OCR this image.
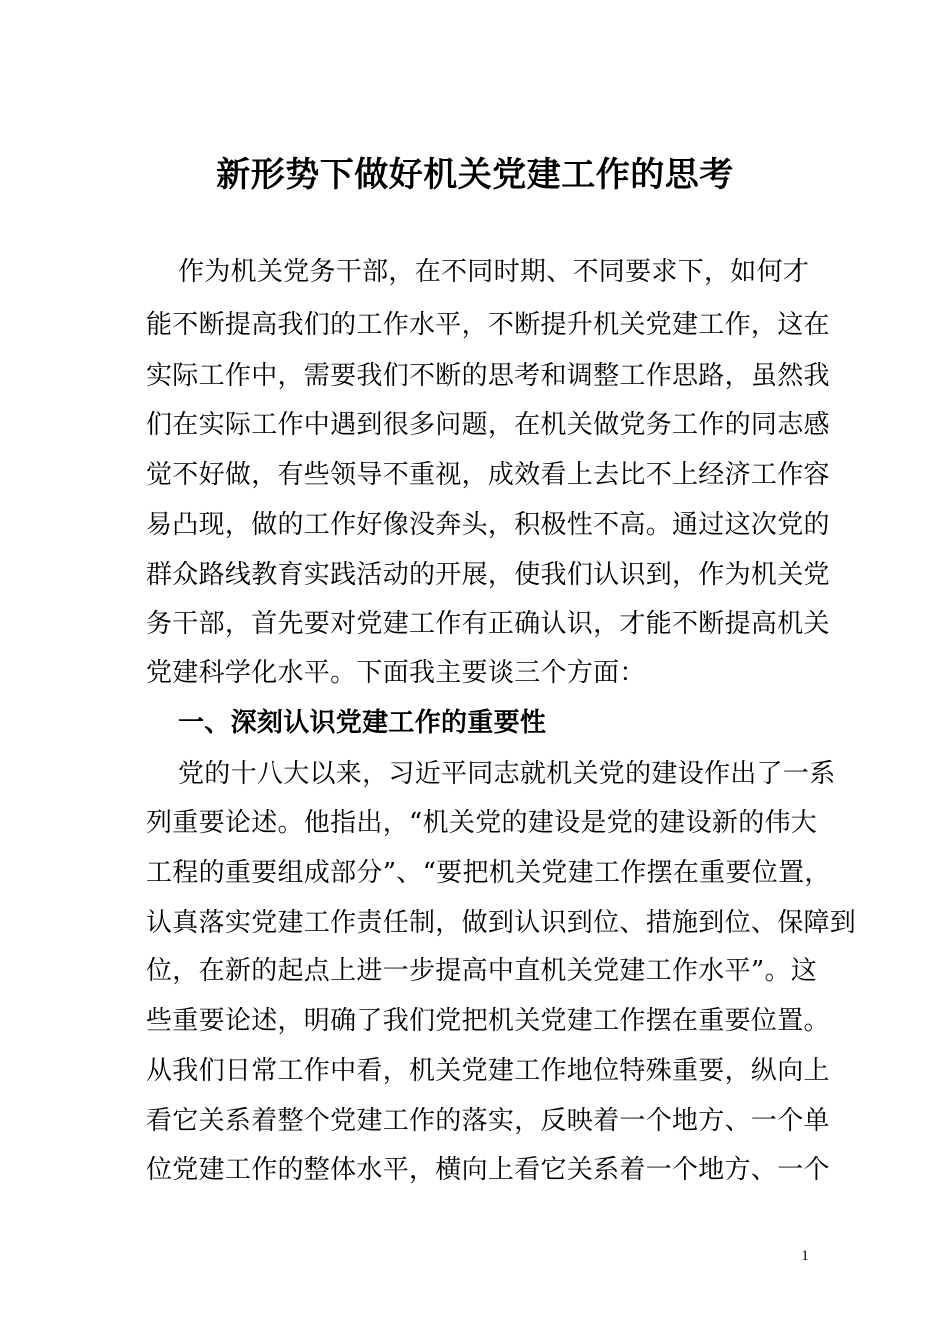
新形势下做好机关党建工作的思考
作为机关党务干部，在不同时期、不同要求下，如何才
能不断提高我们的工作水平，不断提升机关党建工作，这在
实际工作中，需要我们不断的思考和调整工作思路，虽然我
们在实际工作中遇到很多问题，在机关做党务工作的同志感
觉不好做，有些领导不重视，成效看上去比不上经济工作容
易凸现，做的工作好像没奔头，积极性不高。通过这次党的
群众路线教育实践活动的开展，使我们认识到，作为机关党
务干部，首先要对党建工作有正确认识，才能不断提高机关
党建科学化水平。下面我主要谈三个方面：
一、深刻认识党建工作的重要性
党的十八大以来，习近平同志就机关党的建设作出了一系
列重要论述。他指出，“机关党的建设是党的建设新的伟大
工程的重要组成部分”、“要把机关党建工作摆在重要位置，
认真落实党建工作责任制，做到认识到位、措施到位、保障到
位，在新的起点上进一步提高中直机关党建工作水平”。这
些重要论述，明确了我们党把机关党建工作摆在重要位置。
从我们日常工作中看，机关党建工作地位特殊重要，纵向上
看它关系着整个党建工作的落实，反映着一个地方、一个单
位党建工作的整体水平，横向上看它关系着一个地方、一个
1
